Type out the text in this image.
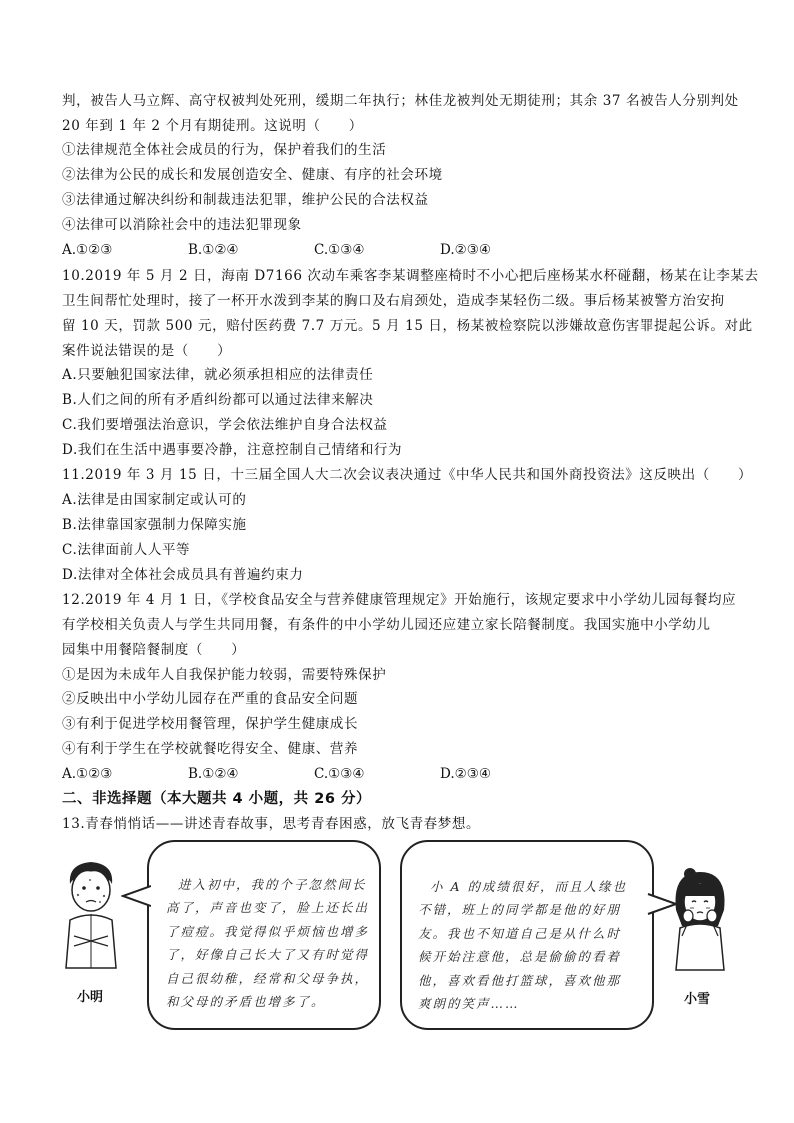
判，被告人马立辉、高守权被判处死刑，缓期二年执行；林佳龙被判处无期徒刑；其余 37 名被告人分别判处
20 年到 1 年 2 个月有期徒刑。这说明（　　）
①法律规范全体社会成员的行为，保护着我们的生活
②法律为公民的成长和发展创造安全、健康、有序的社会环境
③法律通过解决纠纷和制裁违法犯罪，维护公民的合法权益
④法律可以消除社会中的违法犯罪现象
A.①②③	B.①②④	C.①③④	D.②③④
10.2019 年 5 月 2 日，海南 D7166 次动车乘客李某调整座椅时不小心把后座杨某水杯碰翻，杨某在让李某去
卫生间帮忙处理时，接了一杯开水泼到李某的胸口及右肩颈处，造成李某轻伤二级。事后杨某被警方治安拘
留 10 天，罚款 500 元，赔付医药费 7.7 万元。5 月 15 日，杨某被检察院以涉嫌故意伤害罪提起公诉。对此
案件说法错误的是（　　）
A.只要触犯国家法律，就必须承担相应的法律责任
B.人们之间的所有矛盾纠纷都可以通过法律来解决
C.我们要增强法治意识，学会依法维护自身合法权益
D.我们在生活中遇事要冷静，注意控制自己情绪和行为
11.2019 年 3 月 15 日，十三届全国人大二次会议表决通过《中华人民共和国外商投资法》这反映出（　　）
A.法律是由国家制定或认可的
B.法律靠国家强制力保障实施
C.法律面前人人平等
D.法律对全体社会成员具有普遍约束力
12.2019 年 4 月 1 日，《学校食品安全与营养健康管理规定》开始施行，该规定要求中小学幼儿园每餐均应
有学校相关负责人与学生共同用餐，有条件的中小学幼儿园还应建立家长陪餐制度。我国实施中小学幼儿
园集中用餐陪餐制度（　　）
①是因为未成年人自我保护能力较弱，需要特殊保护
②反映出中小学幼儿园存在严重的食品安全问题
③有利于促进学校用餐管理，保护学生健康成长
④有利于学生在学校就餐吃得安全、健康、营养
A.①②③	B.①②④	C.①③④	D.②③④
二、非选择题（本大题共 4 小题，共 26 分）
13.青春悄悄话——讲述青春故事，思考青春困惑，放飞青春梦想。
小明
进入初中，我的个子忽然间长
高了，声音也变了，脸上还长出
了痘痘。我觉得似乎烦恼也增多
了，好像自己长大了又有时觉得
自己很幼稚，经常和父母争执，
和父母的矛盾也增多了。
小 A 的成绩很好，而且人缘也
不错，班上的同学都是他的好朋
友。我也不知道自己是从什么时
候开始注意他，总是偷偷的看着
他，喜欢看他打篮球，喜欢他那
爽朗的笑声……	小雪
